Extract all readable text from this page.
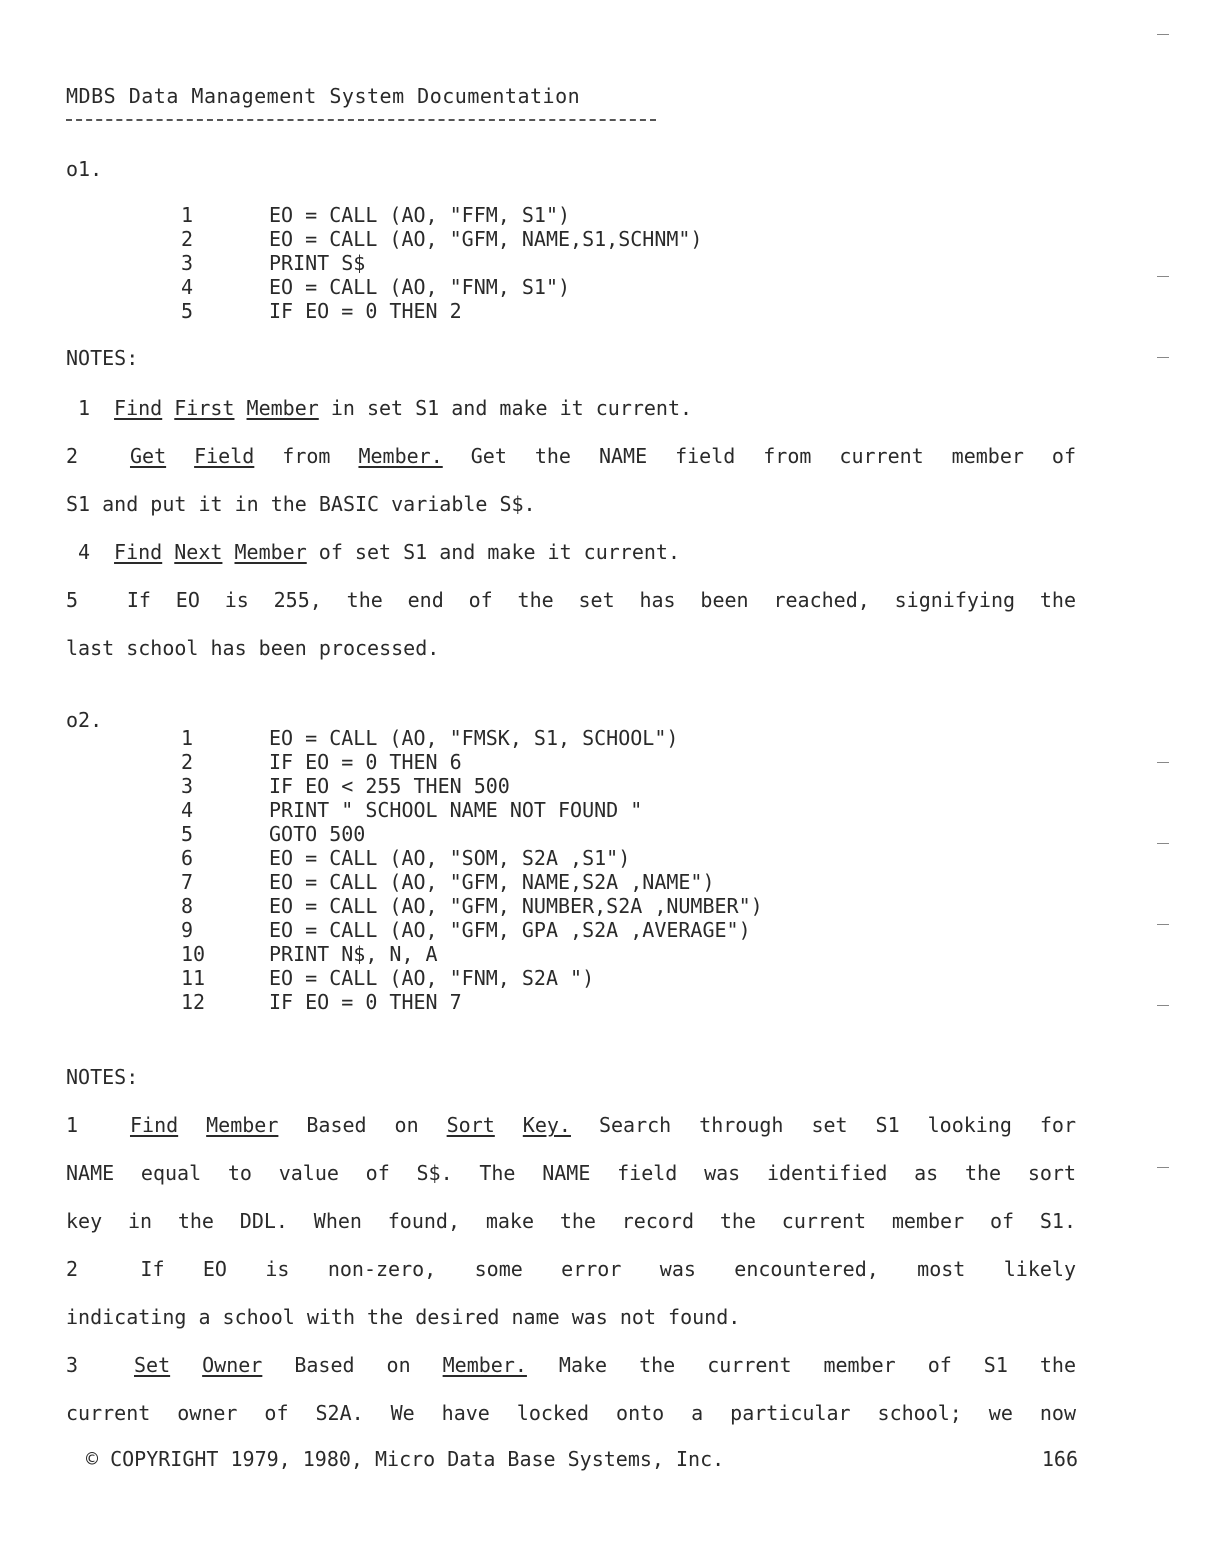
MDBS Data Management System Documentation
o1.
1	EO = CALL (AO, "FFM, S1")
2	EO = CALL (AO, "GFM, NAME,S1,SCHNM")
3	PRINT S$
4	EO = CALL (AO, "FNM, S1")
5	IF EO = 0 THEN 2
NOTES:
1 Find First Member in set S1 and make it current.
2	Get Field from Member. Get the NAME field from current member of
S1 and put it in the BASIC variable S$.
4 Find Next Member of set S1 and make it current.
5 If EO is 255, the end of the set has been reached, signifying the
last school has been processed.
o2.
1	EO = CALL (AO, "FMSK, S1, SCHOOL")
2	IF EO = 0 THEN 6
3	IF EO < 255 THEN 500
4	PRINT " SCHOOL NAME NOT FOUND "
5	GOTO 500
6	EO = CALL (AO, "SOM, S2A ,S1")
7	EO = CALL (AO, "GFM, NAME,S2A ,NAME")
8	EO = CALL (AO, "GFM, NUMBER,S2A ,NUMBER")
9	EO = CALL (AO, "GFM, GPA ,S2A ,AVERAGE")
10	PRINT N$, N, A
11	EO = CALL (AO, "FNM, S2A ")
12	IF EO = 0 THEN 7
NOTES:
1	Find Member Based on Sort Key. Search through set S1 looking for
NAME equal to value of S$. The NAME field was identified as the sort
key in the DDL. When found, make the record the current member of S1.
2	If EO is non-zero, some error was encountered, most likely
indicating a school with the desired name was not found.
3	Set Owner Based on Member. Make the current member of S1 the
current owner of S2A. We have locked onto a particular school; we now
© COPYRIGHT 1979, 1980, Micro Data Base Systems, Inc.	166
